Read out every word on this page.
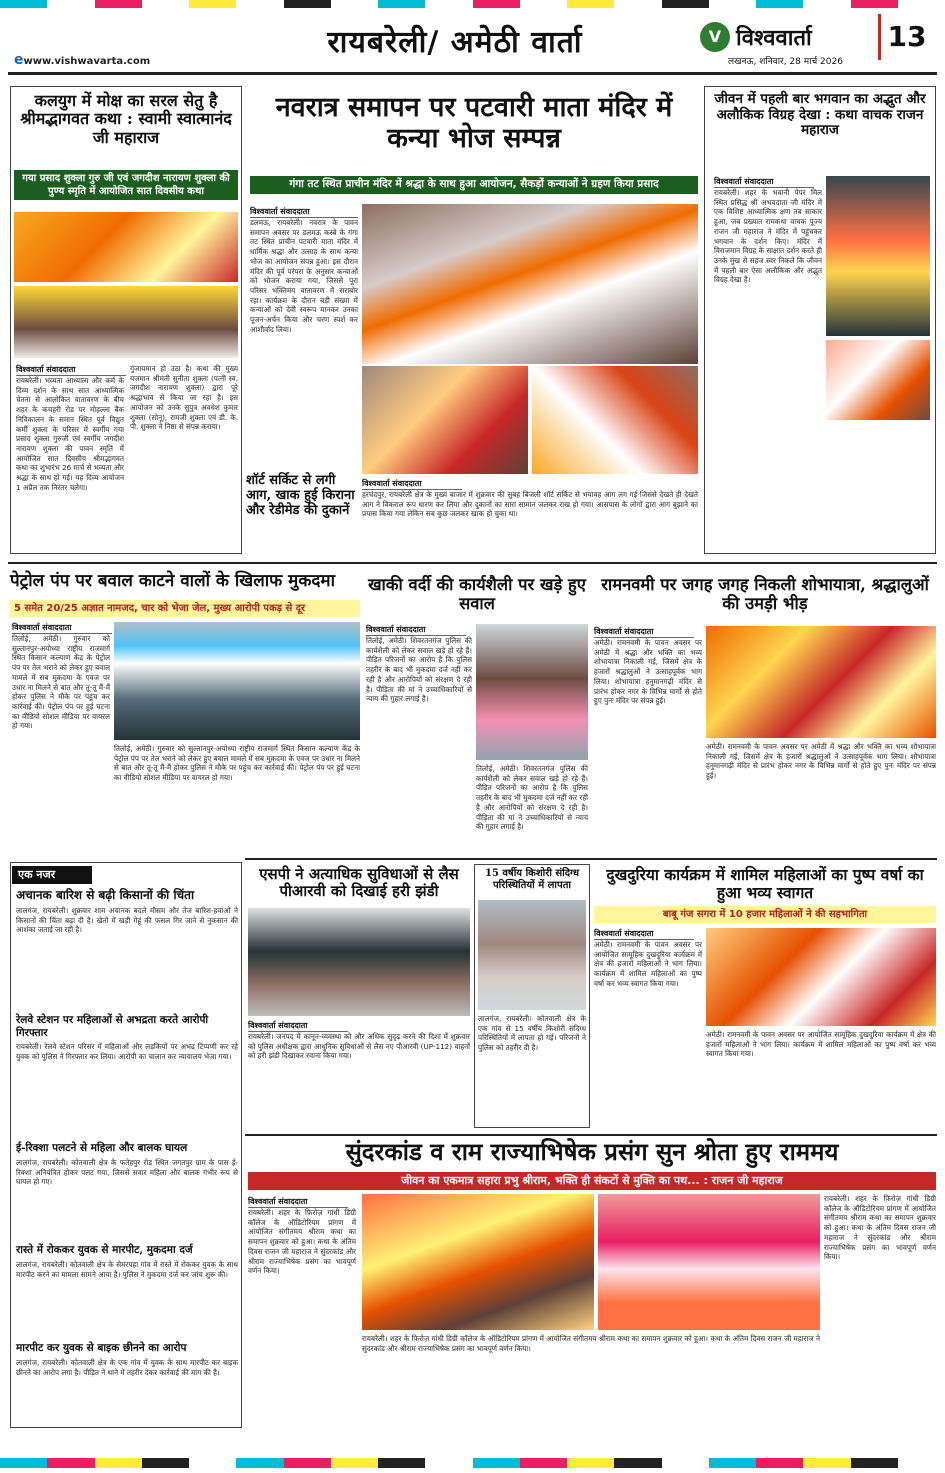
ewww.vishwavarta.com
रायबरेली/ अमेठी वार्ता	V विश्ववार्ता
लखनऊ, शनिवार, 28 मार्च 2026
13
कलयुग में मोक्ष का सरल सेतु है श्रीमद्भागवत कथा : स्वामी स्वात्मानंद जी महाराज
गया प्रसाद शुक्ला गुरु जी एवं जगदीश नारायण शुक्ला की पुण्य स्मृति में आयोजित सात दिवसीय कथा
विश्ववार्ता संवाददाता
रायबरेली। भव्यता आध्यात्म और कर्म के दिव्य दर्शन के साथ सात आध्यात्मिक चेतना से आलोकित वातावरण के बीच शहर के कचहरी रोड पर मोहल्ला बैंक निविकालन के समान स्थित पूर्व विद्युत कर्मी शुक्ला के परिसर में स्वर्गीय गया प्रसाद शुक्ला गुरुजी एवं स्वर्गीय जगदीश नारायण शुक्ला की पावन स्मृति में आयोजित सात दिवसीय श्रीमद्भागवत कथा का शुभारंभ 26 मार्च से भव्यता और श्रद्धा के साथ हो गई। यह दिव्य आयोजन 1 अप्रैल तक निरंतर चलेगा।
गुंजायमान हो उठा है। कथा की मुख्य यजमान श्रीमती सुनीता शुक्ला (पत्नी स्व. जगदीश नारायण शुक्ला) द्वारा पूरे श्रद्धाभाव से किया जा रहा है। इस आयोजन को उनके सुपुत्र अवधेश कुमार शुक्ला (सोनू), रामजी शुक्ला एवं डी. के. पी. शुक्ला ने निष्ठा से संपन्न कराया।
नवरात्र समापन पर पटवारी माता मंदिर में कन्या भोज सम्पन्न
गंगा तट स्थित प्राचीन मंदिर में श्रद्धा के साथ हुआ आयोजन, सैकड़ों कन्याओं ने ग्रहण किया प्रसाद
विश्ववार्ता संवाददाता
डलमऊ, रायबरेली। नवरात्र के पावन समापन अवसर पर डलमऊ कस्बे के गंगा तट स्थित प्राचीन पटवारी माता मंदिर में धार्मिक श्रद्धा और उत्साह के साथ कन्या भोज का आयोजन संपन्न हुआ। इस दौरान मंदिर की पूर्व परंपरा के अनुसार कन्याओं को भोजन कराया गया, जिससे पूरा परिसर भक्तिमय वातावरण में सराबोर रहा। कार्यक्रम के दौरान बड़ी संख्या में कन्याओं को देवी स्वरूप मानकर उनका पूजन-अर्चन किया और चरण स्पर्श कर आशीर्वाद लिया।
शॉर्ट सर्किट से लगी आग, खाक हुई किराना और रेडीमेड की दुकानें
विश्ववार्ता संवाददाता
हरचंदपुर, रायबरेली क्षेत्र के मुख्य बाजार में शुक्रवार की सुबह बिजली शॉर्ट सर्किट से भयावह आग लग गई जिससे देखते ही देखते आग ने विकराल रूप धारण कर लिया और दुकानों का सारा सामान जलकर राख हो गया। आसपास के लोगों द्वारा आग बुझाने का प्रयास किया गया लेकिन सब कुछ जलकर खाक हो चुका था।
जीवन में पहली बार भगवान का अद्भुत और अलौकिक विग्रह देखा : कथा वाचक राजन महाराज
विश्ववार्ता संवाददाता
रायबरेली। शहर के भवानी पेपर मिल स्थित प्रसिद्ध श्री अभयदाता जी मंदिर में एक विशिष्ट आध्यात्मिक क्षण तब साकार हुआ, जब प्रख्यात रामकथा वाचक पूज्य राजन जी महाराज ने मंदिर में पहुंचकर भगवान के दर्शन किए। मंदिर में विराजमान विग्रह के साक्षात दर्शन करते ही उनके मुख से सहज स्वर निकले कि जीवन में पहली बार ऐसा अलौकिक और अद्भुत विग्रह देखा है।
पेट्रोल पंप पर बवाल काटने वालों के खिलाफ मुकदमा
5 समेत 20/25 अज्ञात नामजद, चार को भेजा जेल, मुख्य आरोपी पकड़ से दूर
विश्ववार्ता संवाददाता
तिलोई, अमेठी। गुरुवार को सुल्तानपुर-अयोध्या राष्ट्रीय राजमार्ग स्थित किसान कल्याण केंद्र के पेट्रोल पंप पर तेल भराने को लेकर हुए बवाल मामले में सब मुक़दमा के एवज पर उधार ना मिलने से बात और तू-तू मैं-मैं होकर पुलिस ने मौके पर पहुंच कर कार्रवाई की। पेट्रोल पंप पर हुई घटना का वीडियो सोशल मीडिया पर वायरल हो गया।
तिलोई, अमेठी। गुरुवार को सुल्तानपुर-अयोध्या राष्ट्रीय राजमार्ग स्थित किसान कल्याण केंद्र के पेट्रोल पंप पर तेल भराने को लेकर हुए बवाल मामले में सब मुक़दमा के एवज पर उधार ना मिलने से बात और तू-तू मैं-मैं होकर पुलिस ने मौके पर पहुंच कर कार्रवाई की। पेट्रोल पंप पर हुई घटना का वीडियो सोशल मीडिया पर वायरल हो गया।
खाकी वर्दी की कार्यशैली पर खड़े हुए सवाल
विश्ववार्ता संवाददाता
तिलोई, अमेठी। शिवरतनगंज पुलिस की कार्यशैली को लेकर सवाल खड़े हो रहे हैं। पीड़ित परिजनों का आरोप है कि पुलिस तहरीर के बाद भी मुकदमा दर्ज नहीं कर रही है और आरोपियों को संरक्षण दे रही है। पीड़िता की मां ने उच्चाधिकारियों से न्याय की गुहार लगाई है।
तिलोई, अमेठी। शिवरतनगंज पुलिस की कार्यशैली को लेकर सवाल खड़े हो रहे हैं। पीड़ित परिजनों का आरोप है कि पुलिस तहरीर के बाद भी मुकदमा दर्ज नहीं कर रही है और आरोपियों को संरक्षण दे रही है। पीड़िता की मां ने उच्चाधिकारियों से न्याय की गुहार लगाई है।
रामनवमी पर जगह जगह निकली शोभायात्रा, श्रद्धालुओं की उमड़ी भीड़
विश्ववार्ता संवाददाता
अमेठी। रामनवमी के पावन अवसर पर अमेठी में श्रद्धा और भक्ति का भव्य शोभायात्रा निकाली गई, जिसमें क्षेत्र के हजारों श्रद्धालुओं ने उत्साहपूर्वक भाग लिया। शोभायात्रा हनुमानगढ़ी मंदिर से प्रारंभ होकर नगर के विभिन्न मार्गों से होते हुए पुनः मंदिर पर संपन्न हुई।
अमेठी। रामनवमी के पावन अवसर पर अमेठी में श्रद्धा और भक्ति का भव्य शोभायात्रा निकाली गई, जिसमें क्षेत्र के हजारों श्रद्धालुओं ने उत्साहपूर्वक भाग लिया। शोभायात्रा हनुमानगढ़ी मंदिर से प्रारंभ होकर नगर के विभिन्न मार्गों से होते हुए पुनः मंदिर पर संपन्न हुई।
एक नजर
अचानक बारिश से बढ़ी किसानों की चिंता
लालगंज, रायबरेली। शुक्रवार शाम अचानक बदले मौसम और तेज बारिश-हवाओं ने किसानों की चिंता बढ़ा दी है। खेतों में खड़ी गेहूं की फसल गिर जाने से नुकसान की आशंका जताई जा रही है।
रेलवे स्टेशन पर महिलाओं से अभद्रता करते आरोपी गिरफ्तार
रायबरेली। रेलवे स्टेशन परिसर में महिलाओं और लड़कियों पर अभद्र टिप्पणी कर रहे युवक को पुलिस ने गिरफ्तार कर लिया। आरोपी का चालान कर न्यायालय भेजा गया।
ई-रिक्शा पलटने से महिला और बालक घायल
लालगंज, रायबरेली। कोतवाली क्षेत्र के फतेहपुर रोड स्थित जगतपुर ग्राम के पास ई-रिक्शा अनियंत्रित होकर पलट गया, जिससे सवार महिला और बालक गंभीर रूप से घायल हो गए।
रास्ते में रोककर युवक से मारपीट, मुकदमा दर्ज
लालगंज, रायबरेली। कोतवाली क्षेत्र के सेमरपहा गांव में रास्ते में रोककर युवक के साथ मारपीट करने का मामला सामने आया है। पुलिस ने मुकदमा दर्ज कर जांच शुरू की।
मारपीट कर युवक से बाइक छीनने का आरोप
लालगंज, रायबरेली। कोतवाली क्षेत्र के एक गांव में युवक के साथ मारपीट कर बाइक छीनने का आरोप लगा है। पीड़ित ने थाने में तहरीर देकर कार्रवाई की मांग की है।
एसपी ने अत्याधिक सुविधाओं से लैस पीआरवी को दिखाई हरी झंडी
विश्ववार्ता संवाददाता
रायबरेली। जनपद में कानून-व्यवस्था को और अधिक सुदृढ़ करने की दिशा में शुक्रवार को पुलिस अधीक्षक द्वारा आधुनिक सुविधाओं से लैस नए पीआरवी (UP-112) वाहनों को हरी झंडी दिखाकर रवाना किया गया।
15 वर्षीय किशोरी संदिग्ध परिस्थितियों में लापता
लालगंज, रायबरेली। कोतवाली क्षेत्र के एक गांव से 15 वर्षीय किशोरी संदिग्ध परिस्थितियों में लापता हो गई। परिजनों ने पुलिस को तहरीर दी है।
दुखदुरिया कार्यक्रम में शामिल महिलाओं का पुष्प वर्षा का हुआ भव्य स्वागत
बाबू गंज सगरा में 10 हजार महिलाओं ने की सहभागिता
विश्ववार्ता संवाददाता
अमेठी। रामनवमी के पावन अवसर पर आयोजित सामूहिक दुखदुरिया कार्यक्रम में क्षेत्र की हजारों महिलाओं ने भाग लिया। कार्यक्रम में शामिल महिलाओं का पुष्प वर्षा कर भव्य स्वागत किया गया।
अमेठी। रामनवमी के पावन अवसर पर आयोजित सामूहिक दुखदुरिया कार्यक्रम में क्षेत्र की हजारों महिलाओं ने भाग लिया। कार्यक्रम में शामिल महिलाओं का पुष्प वर्षा कर भव्य स्वागत किया गया।
सुंदरकांड व राम राज्याभिषेक प्रसंग सुन श्रोता हुए राममय
जीवन का एकमात्र सहारा प्रभु श्रीराम, भक्ति ही संकटों से मुक्ति का पथ... : राजन जी महाराज
विश्ववार्ता संवाददाता
रायबरेली। शहर के फ़िरोज़ गांधी डिग्री कॉलेज के ऑडिटोरियम प्रांगण में आयोजित संगीतमय श्रीराम कथा का समापन शुक्रवार को हुआ। कथा के अंतिम दिवस राजन जी महाराज ने सुंदरकांड और श्रीराम राज्याभिषेक प्रसंग का भावपूर्ण वर्णन किया।
रायबरेली। शहर के फ़िरोज़ गांधी डिग्री कॉलेज के ऑडिटोरियम प्रांगण में आयोजित संगीतमय श्रीराम कथा का समापन शुक्रवार को हुआ। कथा के अंतिम दिवस राजन जी महाराज ने सुंदरकांड और श्रीराम राज्याभिषेक प्रसंग का भावपूर्ण वर्णन किया।
रायबरेली। शहर के फ़िरोज़ गांधी डिग्री कॉलेज के ऑडिटोरियम प्रांगण में आयोजित संगीतमय श्रीराम कथा का समापन शुक्रवार को हुआ। कथा के अंतिम दिवस राजन जी महाराज ने सुंदरकांड और श्रीराम राज्याभिषेक प्रसंग का भावपूर्ण वर्णन किया।
